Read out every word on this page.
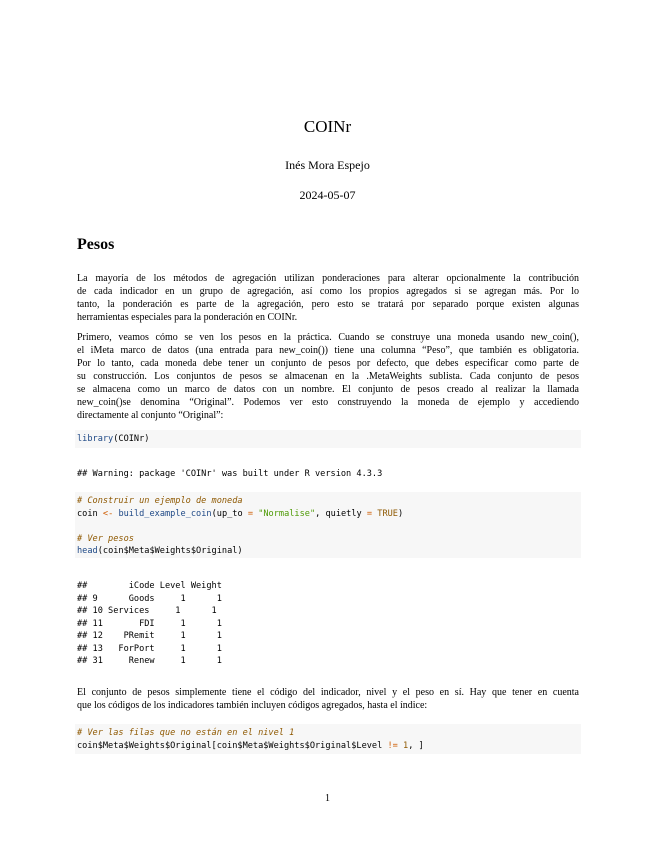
COINr
Inés Mora Espejo
2024-05-07
Pesos
La mayoría de los métodos de agregación utilizan ponderaciones para alterar opcionalmente la contribución
de cada indicador en un grupo de agregación, así como los propios agregados si se agregan más. Por lo
tanto, la ponderación es parte de la agregación, pero esto se tratará por separado porque existen algunas
herramientas especiales para la ponderación en COINr.
Primero, veamos cómo se ven los pesos en la práctica. Cuando se construye una moneda usando new_coin(),
el iMeta marco de datos (una entrada para new_coin()) tiene una columna “Peso”, que también es obligatoria.
Por lo tanto, cada moneda debe tener un conjunto de pesos por defecto, que debes especificar como parte de
su construcción. Los conjuntos de pesos se almacenan en la .MetaWeights sublista. Cada conjunto de pesos
se almacena como un marco de datos con un nombre. El conjunto de pesos creado al realizar la llamada
new_coin()se denomina “Original”. Podemos ver esto construyendo la moneda de ejemplo y accediendo
directamente al conjunto “Original”:
library(COINr)
## Warning: package 'COINr' was built under R version 4.3.3
# Construir un ejemplo de moneda
coin <- build_example_coin(up_to = "Normalise", quietly = TRUE)

# Ver pesos
head(coin$Meta$Weights$Original)
##        iCode Level Weight
## 9      Goods     1      1
## 10 Services     1      1
## 11       FDI     1      1
## 12    PRemit     1      1
## 13   ForPort     1      1
## 31     Renew     1      1
El conjunto de pesos simplemente tiene el código del indicador, nivel y el peso en sí. Hay que tener en cuenta
que los códigos de los indicadores también incluyen códigos agregados, hasta el índice:
# Ver las filas que no están en el nivel 1
coin$Meta$Weights$Original[coin$Meta$Weights$Original$Level != 1, ]
1
